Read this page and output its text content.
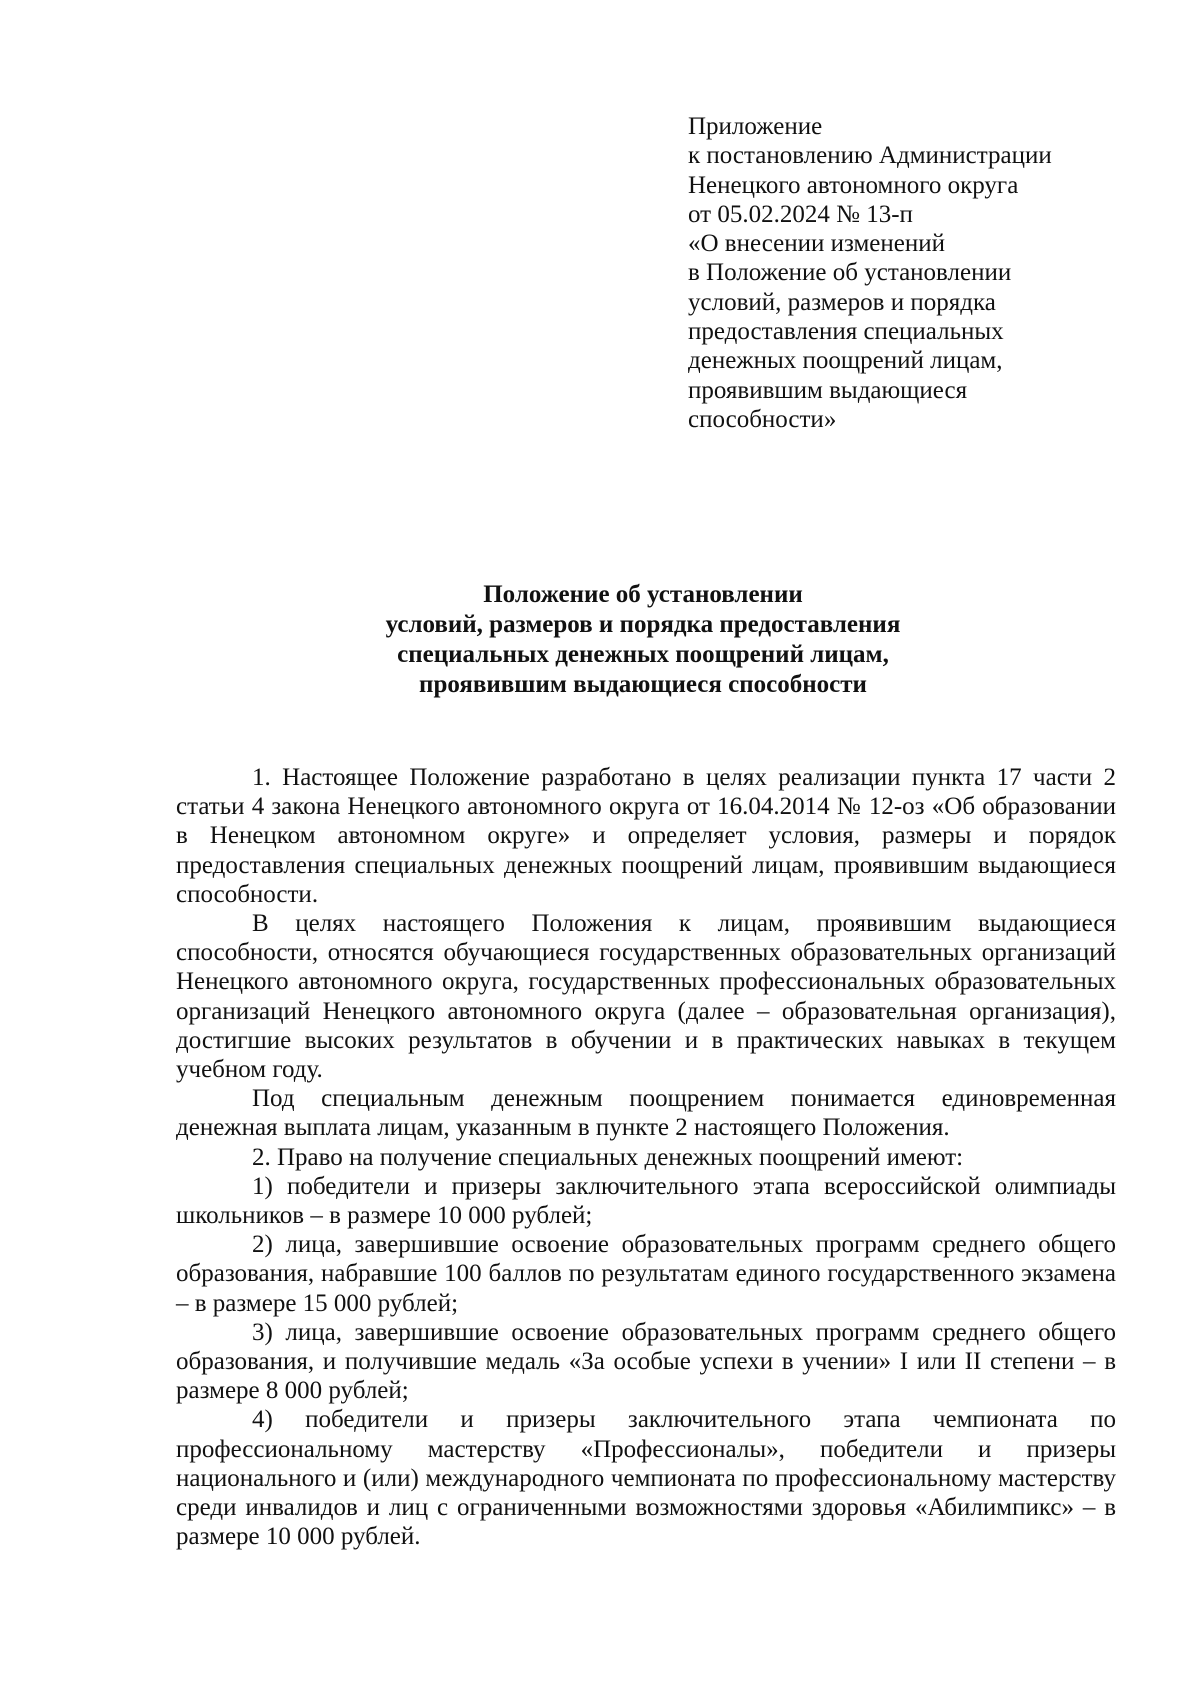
Приложение
к постановлению Администрации
Ненецкого автономного округа
от 05.02.2024 № 13-п
«О внесении изменений
в Положение об установлении
условий, размеров и порядка
предоставления специальных
денежных поощрений лицам,
проявившим выдающиеся
способности»
Положение об установлении
условий, размеров и порядка предоставления
специальных денежных поощрений лицам,
проявившим выдающиеся способности

1. Настоящее Положение разработано в целях реализации пункта 17 части 2 статьи 4 закона Ненецкого автономного округа от 16.04.2014 № 12-оз «Об образовании в Ненецком автономном округе» и определяет условия, размеры и порядок предоставления специальных денежных поощрений лицам, проявившим выдающиеся способности.

В целях настоящего Положения к лицам, проявившим выдающиеся способности, относятся обучающиеся государственных образовательных организаций Ненецкого автономного округа, государственных профессиональных образовательных организаций Ненецкого автономного округа (далее – образовательная организация), достигшие высоких результатов в обучении и в практических навыках в текущем учебном году.

Под специальным денежным поощрением понимается единовременная денежная выплата лицам, указанным в пункте 2 настоящего Положения.

2. Право на получение специальных денежных поощрений имеют:

1) победители и призеры заключительного этапа всероссийской олимпиады школьников – в размере 10 000 рублей;

2) лица, завершившие освоение образовательных программ среднего общего образования, набравшие 100 баллов по результатам единого государственного экзамена – в размере 15 000 рублей;

3) лица, завершившие освоение образовательных программ среднего общего образования, и получившие медаль «За особые успехи в учении» I или II степени – в размере 8 000 рублей;

4) победители и призеры заключительного этапа чемпионата по профессиональному мастерству «Профессионалы», победители и призеры национального и (или) международного чемпионата по профессиональному мастерству среди инвалидов и лиц с ограниченными возможностями здоровья «Абилимпикс» – в размере 10 000 рублей.
